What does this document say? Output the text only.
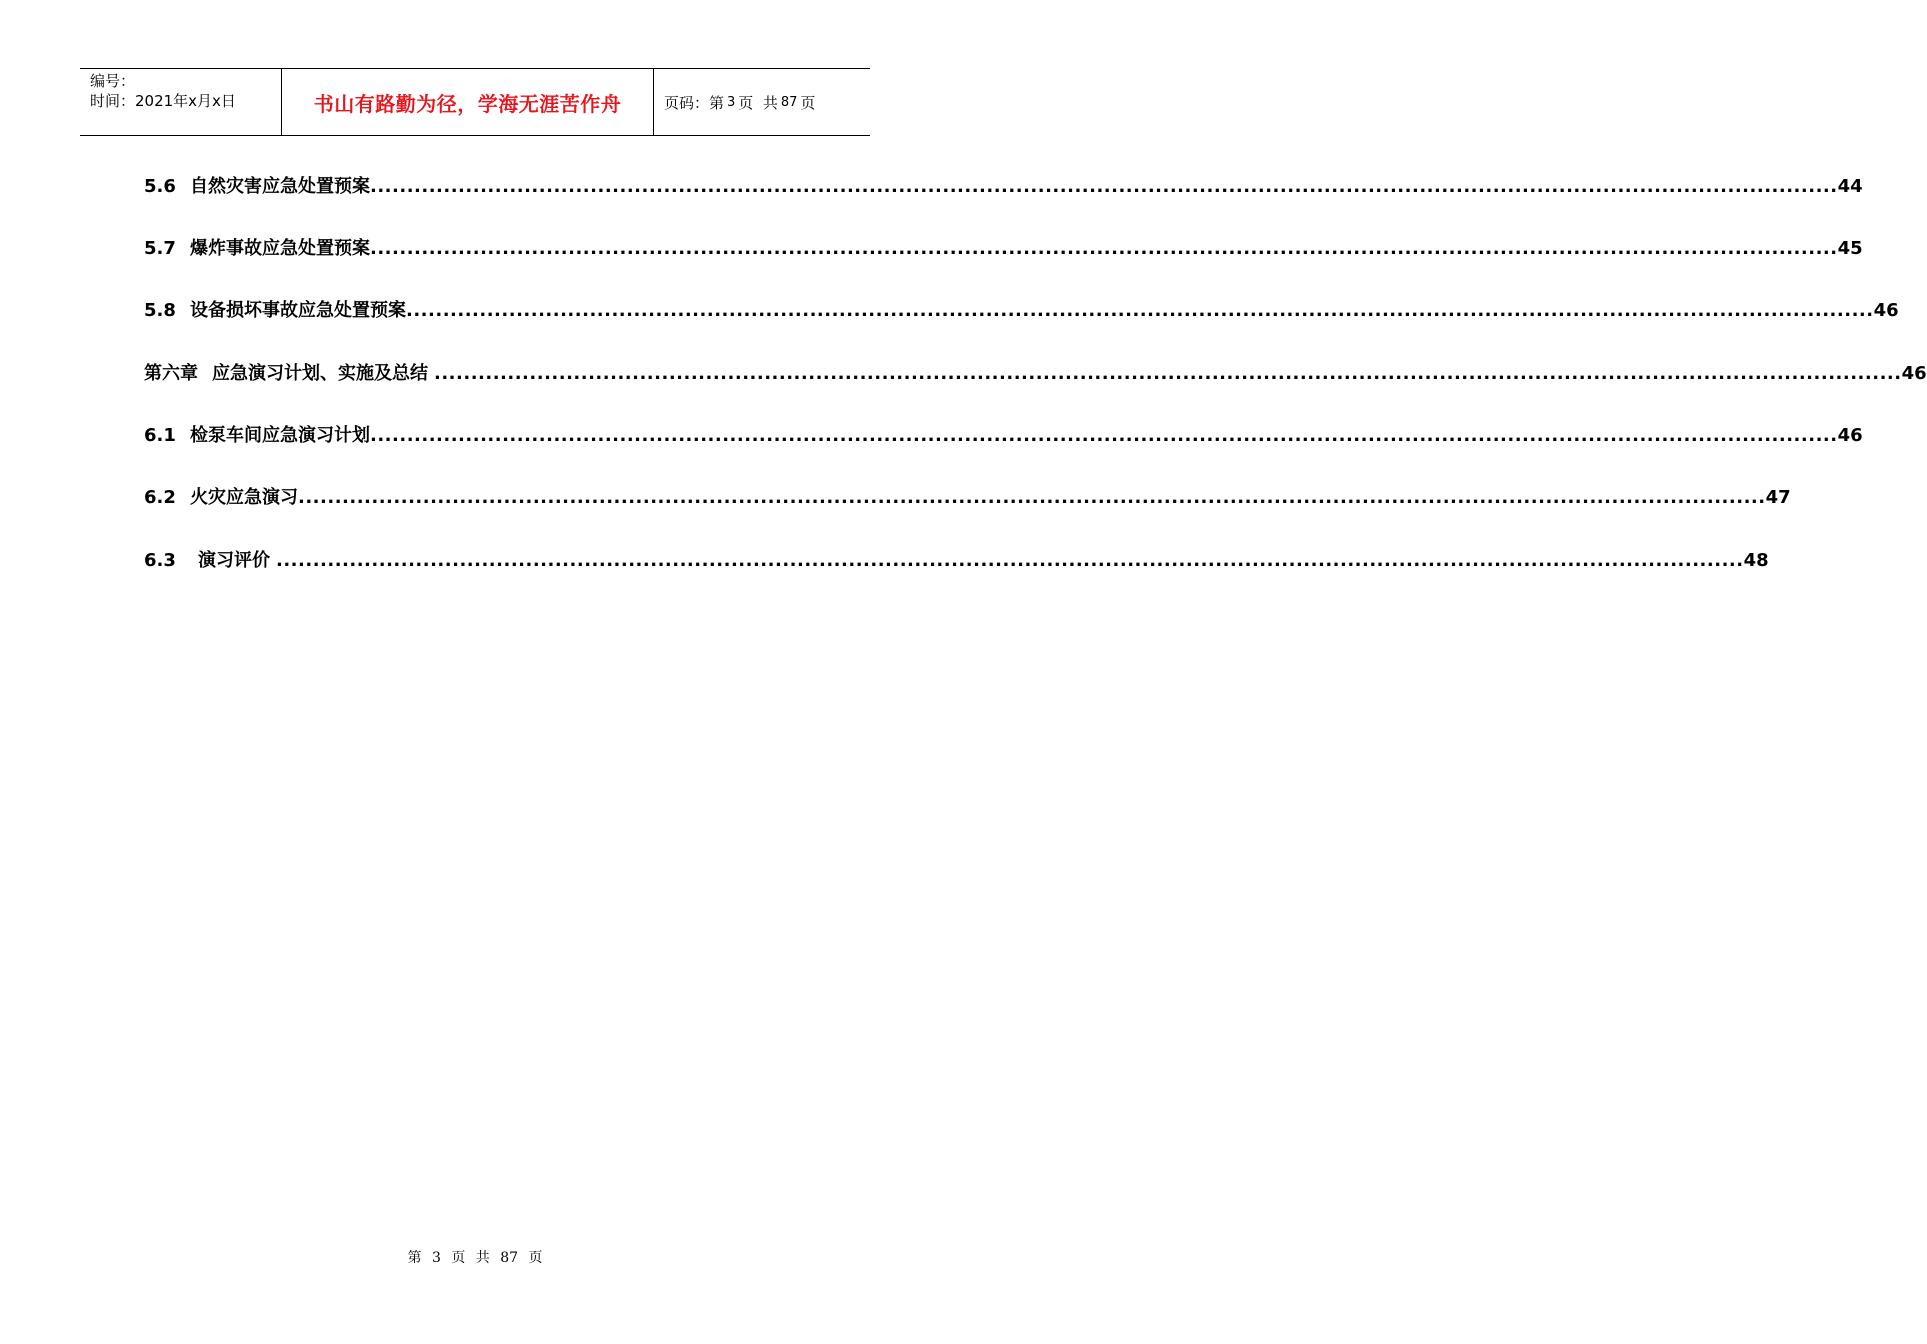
编号：
时间：2021年x月x日	书山有路勤为径，学海无涯苦作舟	页码：第 3 页  共 87 页
5.6 自然灾害应急处置预案 ........................................................................................................................................................................................................ 44
5.7 爆炸事故应急处置预案 ........................................................................................................................................................................................................ 45
5.8 设备损坏事故应急处置预案 ........................................................................................................................................................................................................ 46
第六章 应急演习计划、实施及总结 ........................................................................................................................................................................................................ 46
6.1 检泵车间应急演习计划 ........................................................................................................................................................................................................ 46
6.2 火灾应急演习 ........................................................................................................................................................................................................ 47
6.3	演习评价 ........................................................................................................................................................................................................ 48
第 3 页 共 87 页
